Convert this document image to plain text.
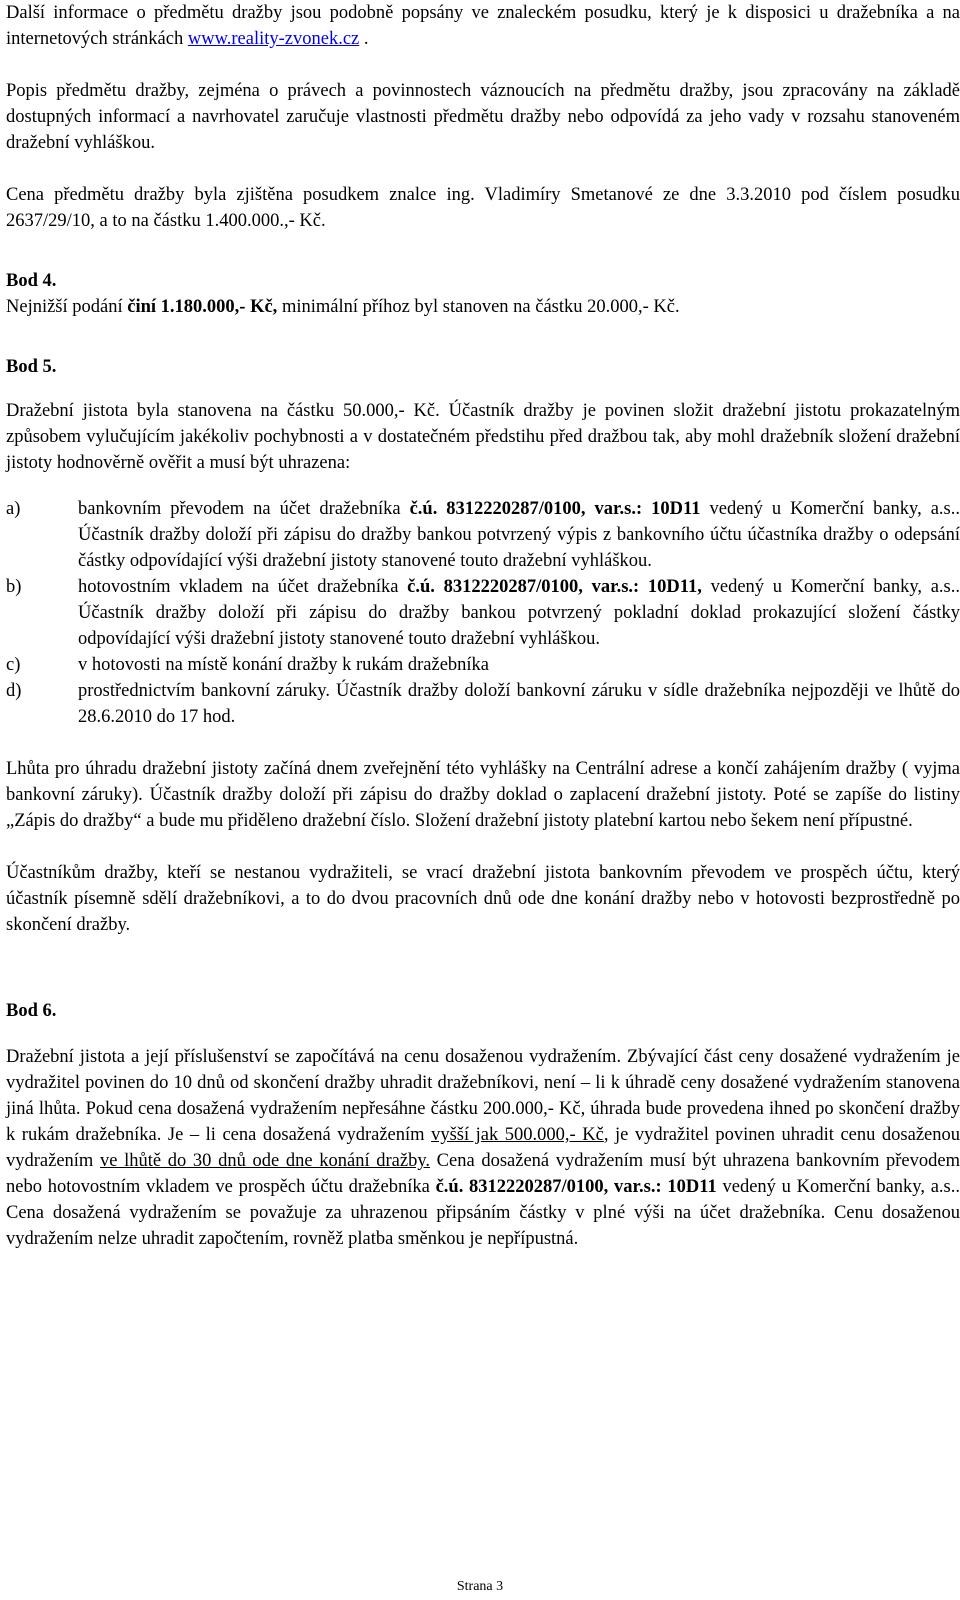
Další informace o předmětu dražby jsou podobně popsány ve znaleckém posudku, který je k disposici u dražebníka a na internetových stránkách www.reality-zvonek.cz .

Popis předmětu dražby, zejména o právech a povinnostech váznoucích na předmětu dražby, jsou zpracovány na základě dostupných informací a navrhovatel zaručuje vlastnosti předmětu dražby nebo odpovídá za jeho vady v rozsahu stanoveném dražební vyhláškou.

Cena předmětu dražby byla zjištěna posudkem znalce ing. Vladimíry Smetanové ze dne 3.3.2010 pod číslem posudku 2637/29/10, a to na částku 1.400.000.,- Kč.

Bod 4.

Nejnižší podání činí 1.180.000,- Kč, minimální příhoz byl stanoven na částku 20.000,- Kč.

Bod 5.

Dražební jistota byla stanovena na částku 50.000,- Kč. Účastník dražby je povinen složit dražební jistotu prokazatelným způsobem vylučujícím jakékoliv pochybnosti a v dostatečném předstihu před dražbou tak, aby mohl dražebník složení dražební jistoty hodnověrně ověřit a musí být uhrazena:

a)	bankovním převodem na účet dražebníka č.ú. 8312220287/0100, var.s.: 10D11 vedený u Komerční banky, a.s.. Účastník dražby doloží při zápisu do dražby bankou potvrzený výpis z bankovního účtu účastníka dražby o odepsání částky odpovídající výši dražební jistoty stanovené touto dražební vyhláškou.
b)	hotovostním vkladem na účet dražebníka č.ú. 8312220287/0100, var.s.: 10D11, vedený u Komerční banky, a.s.. Účastník dražby doloží při zápisu do dražby bankou potvrzený pokladní doklad prokazující složení částky odpovídající výši dražební jistoty stanovené touto dražební vyhláškou.
c)	v hotovosti na místě konání dražby k rukám dražebníka
d)	prostřednictvím bankovní záruky. Účastník dražby doloží bankovní záruku v sídle dražebníka nejpozději ve lhůtě do 28.6.2010 do 17 hod.

Lhůta pro úhradu dražební jistoty začíná dnem zveřejnění této vyhlášky na Centrální adrese a končí zahájením dražby ( vyjma bankovní záruky). Účastník dražby doloží při zápisu do dražby doklad o zaplacení dražební jistoty. Poté se zapíše do listiny „Zápis do dražby“ a bude mu přiděleno dražební číslo. Složení dražební jistoty platební kartou nebo šekem není přípustné.

Účastníkům dražby, kteří se nestanou vydražiteli, se vrací dražební jistota bankovním převodem ve prospěch účtu, který účastník písemně sdělí dražebníkovi, a to do dvou pracovních dnů ode dne konání dražby nebo v hotovosti bezprostředně po skončení dražby.

Bod 6.

Dražební jistota a její příslušenství se započítává na cenu dosaženou vydražením. Zbývající část ceny dosažené vydražením je vydražitel povinen do 10 dnů od skončení dražby uhradit dražebníkovi, není – li k úhradě ceny dosažené vydražením stanovena jiná lhůta. Pokud cena dosažená vydražením nepřesáhne částku 200.000,- Kč, úhrada bude provedena ihned po skončení dražby k rukám dražebníka. Je – li cena dosažená vydražením vyšší jak 500.000,- Kč, je vydražitel povinen uhradit cenu dosaženou vydražením ve lhůtě do 30 dnů ode dne konání dražby. Cena dosažená vydražením musí být uhrazena bankovním převodem nebo hotovostním vkladem ve prospěch účtu dražebníka č.ú. 8312220287/0100, var.s.: 10D11 vedený u Komerční banky, a.s.. Cena dosažená vydražením se považuje za uhrazenou připsáním částky v plné výši na účet dražebníka. Cenu dosaženou vydražením nelze uhradit započtením, rovněž platba směnkou je nepřípustná.

Strana 3
